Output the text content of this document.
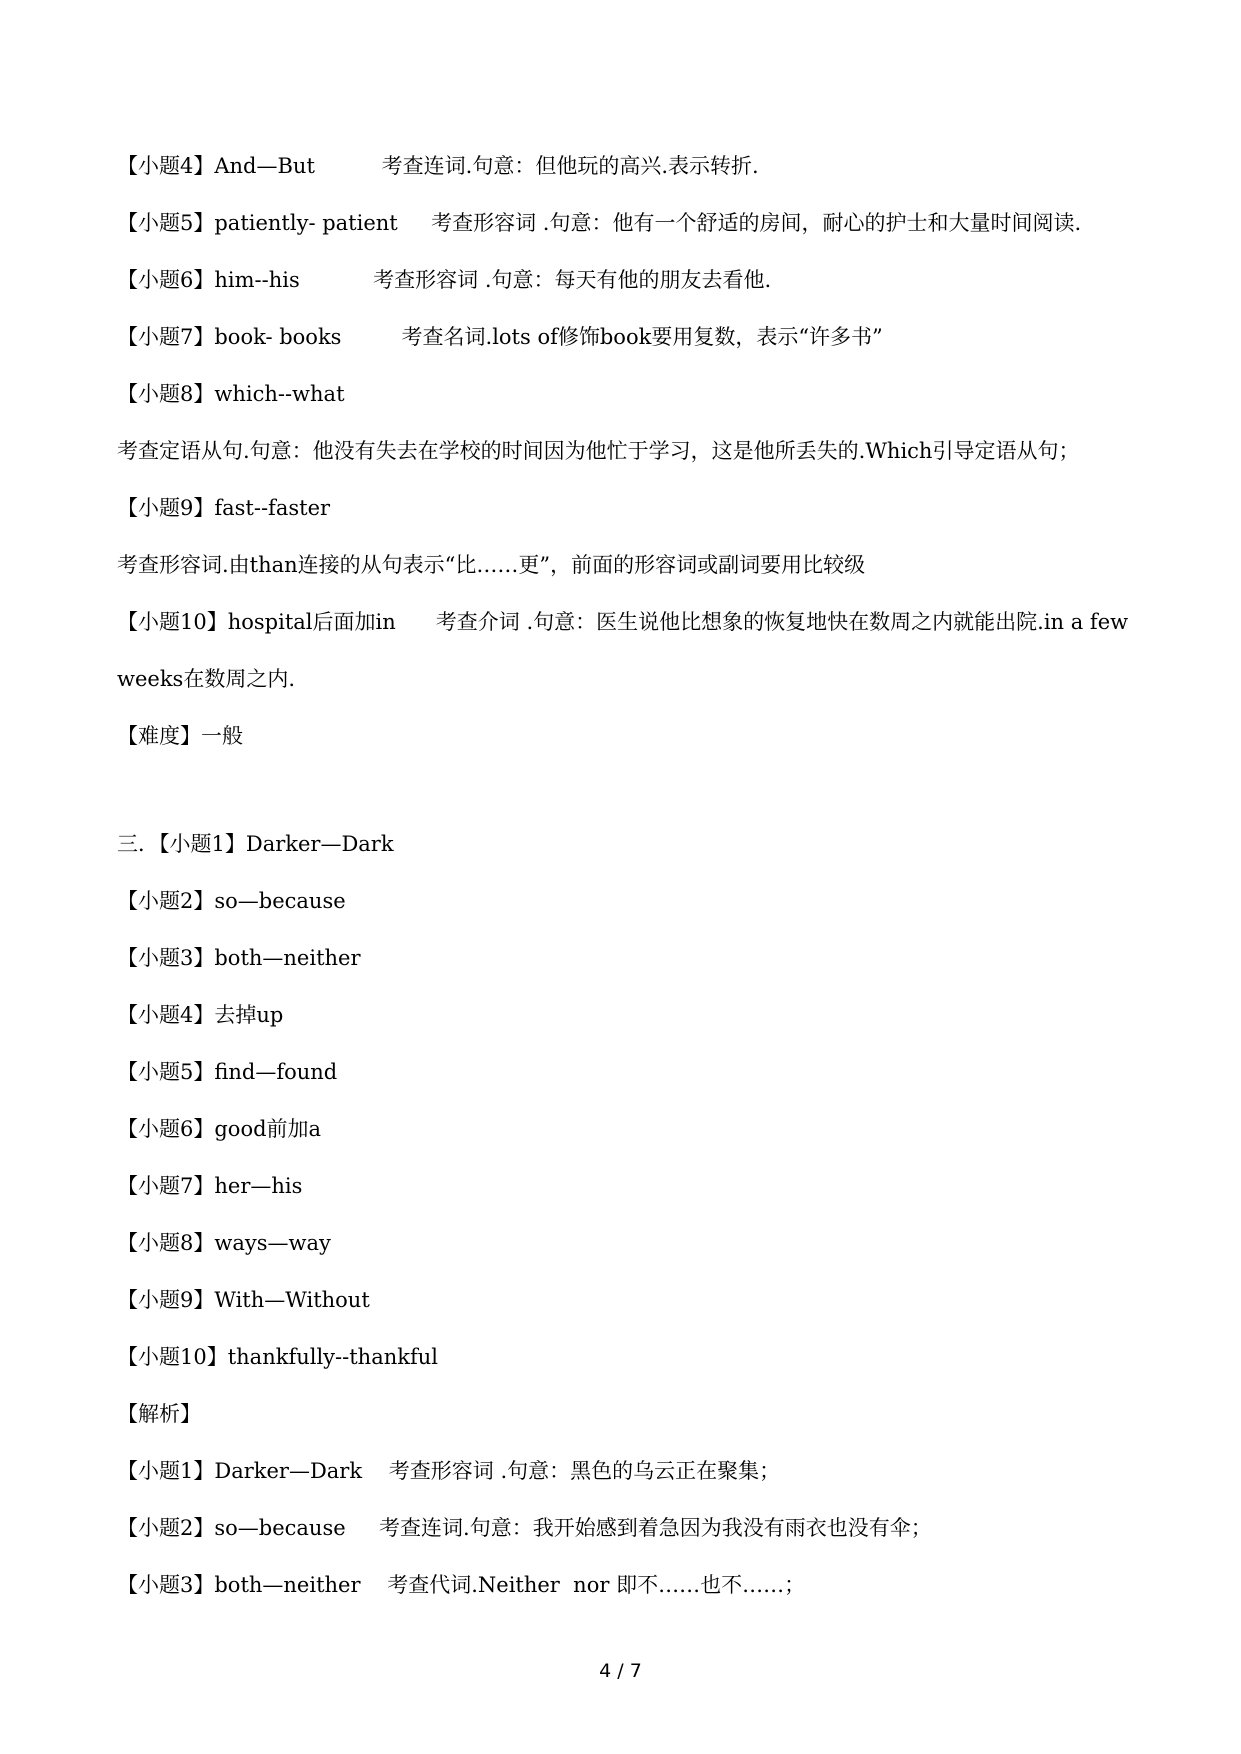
【小题4】And—But          考查连词.句意：但他玩的高兴.表示转折.
【小题5】patiently- patient     考查形容词 .句意：他有一个舒适的房间，耐心的护士和大量时间阅读.
【小题6】him--his           考查形容词 .句意：每天有他的朋友去看他.
【小题7】book- books         考查名词.lots of修饰book要用复数，表示“许多书”
【小题8】which--what
考查定语从句.句意：他没有失去在学校的时间因为他忙于学习，这是他所丢失的.Which引导定语从句；
【小题9】fast--faster
考查形容词.由than连接的从句表示“比……更”，前面的形容词或副词要用比较级
【小题10】hospital后面加in      考查介词 .句意：医生说他比想象的恢复地快在数周之内就能出院.in a few
weeks在数周之内.
【难度】一般
三．【小题1】Darker—Dark
【小题2】so—because
【小题3】both—neither
【小题4】去掉up
【小题5】find—found
【小题6】good前加a
【小题7】her—his
【小题8】ways—way
【小题9】With—Without
【小题10】thankfully--thankful
【解析】
【小题1】Darker—Dark    考查形容词 .句意：黑色的乌云正在聚集；
【小题2】so—because     考查连词.句意：我开始感到着急因为我没有雨衣也没有伞；
【小题3】both—neither    考查代词.Neither  nor 即不……也不……；
4 / 7
